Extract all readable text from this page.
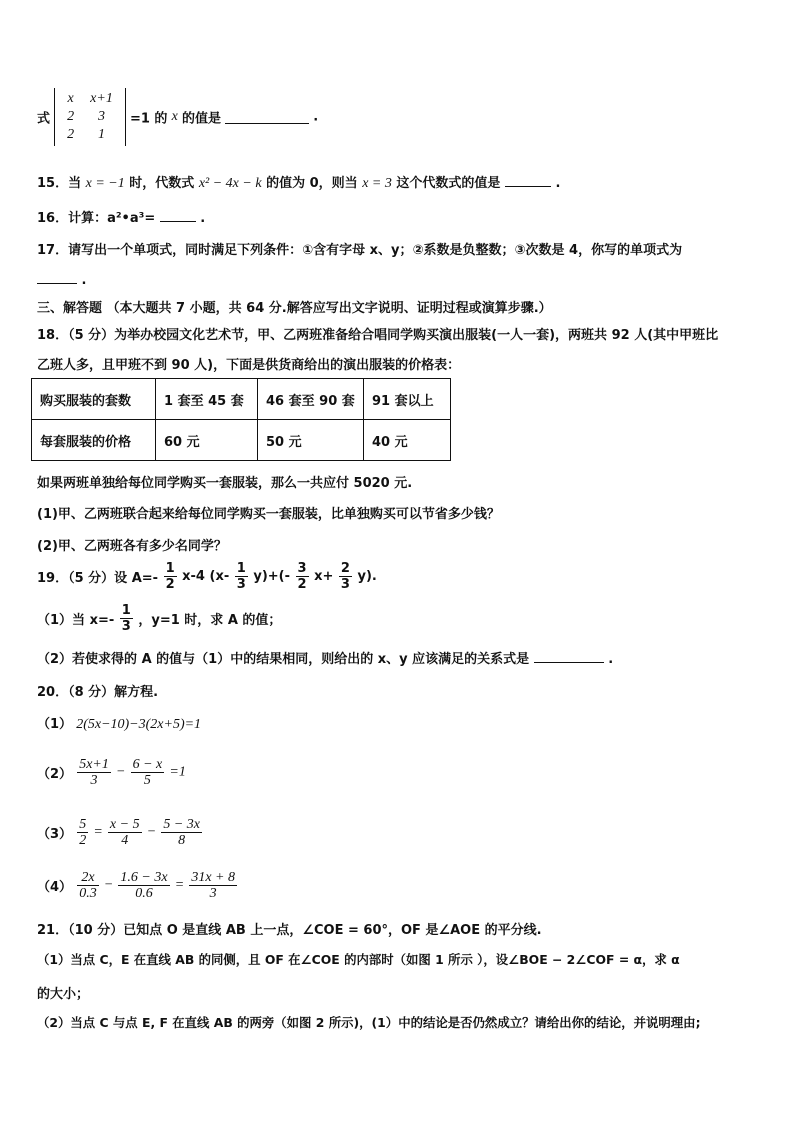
式
x	x+1
2	3
2	1
=1 的 x 的值是	.
15．当 x = −1 时，代数式 x² − 4x − k 的值为 0，则当 x = 3 这个代数式的值是	.
16．计算：a²•a³=	.
17．请写出一个单项式，同时满足下列条件：①含有字母 x、y；②系数是负整数；③次数是 4，你写的单项式为
.
三、解答题 （本大题共 7 小题，共 64 分.解答应写出文字说明、证明过程或演算步骤.）
18．（5 分）为举办校园文化艺术节，甲、乙两班准备给合唱同学购买演出服装(一人一套)，两班共 92 人(其中甲班比
乙班人多，且甲班不到 90 人)，下面是供货商给出的演出服装的价格表：
购买服装的套数	1 套至 45 套	46 套至 90 套	91 套以上
每套服装的价格	60 元	50 元	40 元
如果两班单独给每位同学购买一套服装，那么一共应付 5020 元.
(1)甲、乙两班联合起来给每位同学购买一套服装，比单独购买可以节省多少钱？
(2)甲、乙两班各有多少名同学？
19．（5 分）设 $A=- \frac{1}{2} x-4$ $(x- \frac{1}{3} y)+(- \frac{3}{2} x+ \frac{2}{3} y)$.
（1）当 $x=- \frac{1}{3}$ ，y=1 时，求 A 的值；
（2）若使求得的 A 的值与（1）中的结果相同，则给出的 x、y 应该满足的关系式是	.
20．（8 分）解方程.
（1） 2(5x−10)−3(2x+5)=1
$(2) \frac{5x+1}{3} - \frac{6 - x}{5} =1$
$(3) \frac{5}{2} = \frac{x - 5}{4} - \frac{5 - 3x}{8}$
$(4) \frac{2x}{0.3} - \frac{1.6 - 3x}{0.6} = \frac{31x + 8}{3}$
21．（10 分）已知点 O 是直线 AB 上一点，∠COE = 60°，OF 是∠AOE 的平分线.
（1）当点 C，E 在直线 AB 的同侧，且 OF 在∠COE 的内部时（如图 1 所示 ），设∠BOE − 2∠COF = α，求 α
的大小；
（2）当点 C 与点 E, F 在直线 AB 的两旁（如图 2 所示)，(1）中的结论是否仍然成立？请给出你的结论，并说明理由;
